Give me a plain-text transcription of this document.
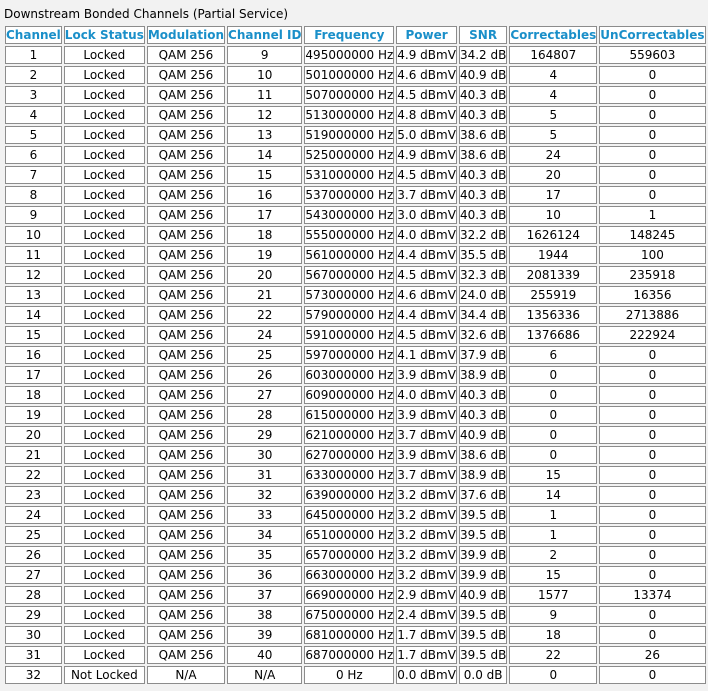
Downstream Bonded Channels (Partial Service)
Channel	Lock Status	Modulation	Channel ID	Frequency	Power	SNR	Correctables	UnCorrectables
1	Locked	QAM 256	9	495000000 Hz	4.9 dBmV	34.2 dB	164807	559603
2	Locked	QAM 256	10	501000000 Hz	4.6 dBmV	40.9 dB	4	0
3	Locked	QAM 256	11	507000000 Hz	4.5 dBmV	40.3 dB	4	0
4	Locked	QAM 256	12	513000000 Hz	4.8 dBmV	40.3 dB	5	0
5	Locked	QAM 256	13	519000000 Hz	5.0 dBmV	38.6 dB	5	0
6	Locked	QAM 256	14	525000000 Hz	4.9 dBmV	38.6 dB	24	0
7	Locked	QAM 256	15	531000000 Hz	4.5 dBmV	40.3 dB	20	0
8	Locked	QAM 256	16	537000000 Hz	3.7 dBmV	40.3 dB	17	0
9	Locked	QAM 256	17	543000000 Hz	3.0 dBmV	40.3 dB	10	1
10	Locked	QAM 256	18	555000000 Hz	4.0 dBmV	32.2 dB	1626124	148245
11	Locked	QAM 256	19	561000000 Hz	4.4 dBmV	35.5 dB	1944	100
12	Locked	QAM 256	20	567000000 Hz	4.5 dBmV	32.3 dB	2081339	235918
13	Locked	QAM 256	21	573000000 Hz	4.6 dBmV	24.0 dB	255919	16356
14	Locked	QAM 256	22	579000000 Hz	4.4 dBmV	34.4 dB	1356336	2713886
15	Locked	QAM 256	24	591000000 Hz	4.5 dBmV	32.6 dB	1376686	222924
16	Locked	QAM 256	25	597000000 Hz	4.1 dBmV	37.9 dB	6	0
17	Locked	QAM 256	26	603000000 Hz	3.9 dBmV	38.9 dB	0	0
18	Locked	QAM 256	27	609000000 Hz	4.0 dBmV	40.3 dB	0	0
19	Locked	QAM 256	28	615000000 Hz	3.9 dBmV	40.3 dB	0	0
20	Locked	QAM 256	29	621000000 Hz	3.7 dBmV	40.9 dB	0	0
21	Locked	QAM 256	30	627000000 Hz	3.9 dBmV	38.6 dB	0	0
22	Locked	QAM 256	31	633000000 Hz	3.7 dBmV	38.9 dB	15	0
23	Locked	QAM 256	32	639000000 Hz	3.2 dBmV	37.6 dB	14	0
24	Locked	QAM 256	33	645000000 Hz	3.2 dBmV	39.5 dB	1	0
25	Locked	QAM 256	34	651000000 Hz	3.2 dBmV	39.5 dB	1	0
26	Locked	QAM 256	35	657000000 Hz	3.2 dBmV	39.9 dB	2	0
27	Locked	QAM 256	36	663000000 Hz	3.2 dBmV	39.9 dB	15	0
28	Locked	QAM 256	37	669000000 Hz	2.9 dBmV	40.9 dB	1577	13374
29	Locked	QAM 256	38	675000000 Hz	2.4 dBmV	39.5 dB	9	0
30	Locked	QAM 256	39	681000000 Hz	1.7 dBmV	39.5 dB	18	0
31	Locked	QAM 256	40	687000000 Hz	1.7 dBmV	39.5 dB	22	26
32	Not Locked	N/A	N/A	0 Hz	0.0 dBmV	0.0 dB	0	0
